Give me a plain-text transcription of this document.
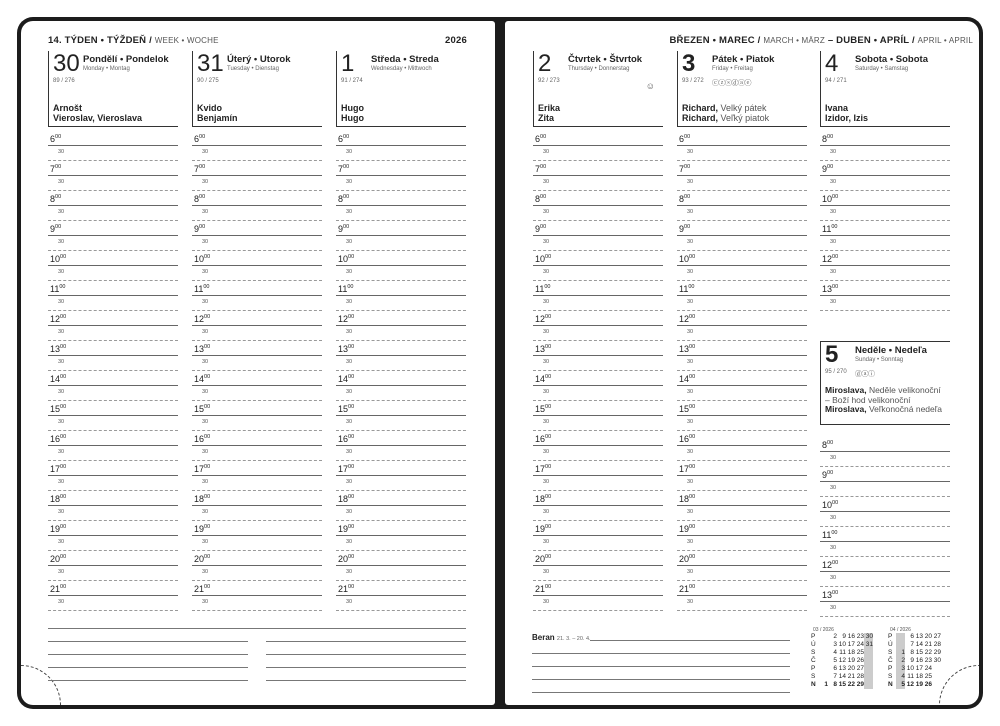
14. TÝDEN • TÝŽDEŇ / WEEK • WOCHE	2026
30 Pondělí • Pondelok
Monday • Montag
89 / 276
Arnošt
Vieroslav, Vieroslava
$6^{00}$
30
$7^{00}$
30
$8^{00}$
30
$9^{00}$
30
$10^{00}$
30
$11^{00}$
30
$12^{00}$
30
$13^{00}$
30
$14^{00}$
30
$15^{00}$
30
$16^{00}$
30
$17^{00}$
30
$18^{00}$
30
$19^{00}$
30
$20^{00}$
30
$21^{00}$
30
31 Úterý • Utorok
Tuesday • Dienstag
90 / 275
Kvido
Benjamín
$6^{00}$
30
$7^{00}$
30
$8^{00}$
30
$9^{00}$
30
$10^{00}$
30
$11^{00}$
30
$12^{00}$
30
$13^{00}$
30
$14^{00}$
30
$15^{00}$
30
$16^{00}$
30
$17^{00}$
30
$18^{00}$
30
$19^{00}$
30
$20^{00}$
30
$21^{00}$
30
1 Středa • Streda
Wednesday • Mittwoch
91 / 274
Hugo
Hugo
$6^{00}$
30
$7^{00}$
30
$8^{00}$
30
$9^{00}$
30
$10^{00}$
30
$11^{00}$
30
$12^{00}$
30
$13^{00}$
30
$14^{00}$
30
$15^{00}$
30
$16^{00}$
30
$17^{00}$
30
$18^{00}$
30
$19^{00}$
30
$20^{00}$
30
$21^{00}$
30
BŘEZEN • MAREC / MARCH • MÄRZ – DUBEN • APRÍL / APRIL • APRIL
2 Čtvrtek • Štvrtok
Thursday • Donnerstag
92 / 273	☺
Erika
Zita
$6^{00}$
30
$7^{00}$
30
$8^{00}$
30
$9^{00}$
30
$10^{00}$
30
$11^{00}$
30
$12^{00}$
30
$13^{00}$
30
$14^{00}$
30
$15^{00}$
30
$16^{00}$
30
$17^{00}$
30
$18^{00}$
30
$19^{00}$
30
$20^{00}$
30
$21^{00}$
30
3 Pátek • Piatok
Friday • Freitag
93 / 272 ⓒⓩⓢⓓⓐⓔ
Richard, Velký pátek
Richard, Veľký piatok
$6^{00}$
30
$7^{00}$
30
$8^{00}$
30
$9^{00}$
30
$10^{00}$
30
$11^{00}$
30
$12^{00}$
30
$13^{00}$
30
$14^{00}$
30
$15^{00}$
30
$16^{00}$
30
$17^{00}$
30
$18^{00}$
30
$19^{00}$
30
$20^{00}$
30
$21^{00}$
30
4 Sobota • Sobota
Saturday • Samstag
94 / 271
Ivana
Izidor, Izis
$8^{00}$
30
$9^{00}$
30
$10^{00}$
30
$11^{00}$
30
$12^{00}$
30
$13^{00}$
30
5 Neděle • Nedeľa
Sunday • Sonntag
95 / 270 ⓓⓐⓘ
Miroslava, Neděle velikonoční
– Boží hod velikonoční
Miroslava, Veľkonočná nedeľa
$8^{00}$
30
$9^{00}$
30
$10^{00}$
30
$11^{00}$
30
$12^{00}$
30
$13^{00}$
30
Beran 21. 3. – 20. 4.
03 / 2026
P	2 9 16 23 30
Ú	3 10 17 24 31
S	4 11 18 25
Č	5 12 19 26
P	6 13 20 27
S	7 14 21 28
N	1 8 15 22 29
04 / 2026
P	6 13 20 27
Ú	7 14 21 28
S	1 8 15 22 29
Č	2 9 16 23 30
P	3 10 17 24
S	4 11 18 25
N	5 12 19 26
